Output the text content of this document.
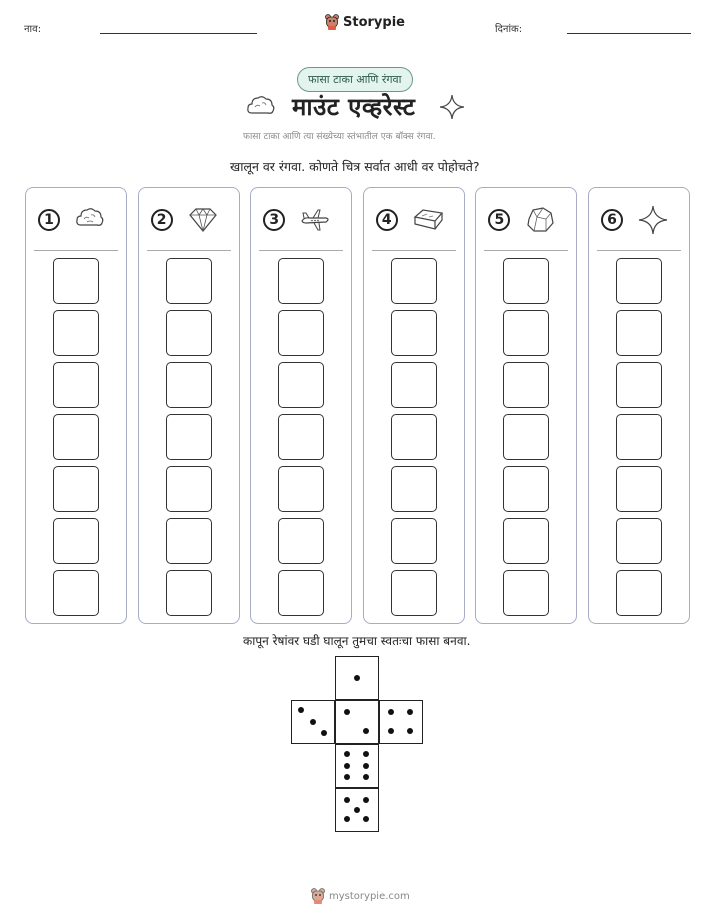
नाव:	Storypie	दिनांक:
फासा टाका आणि रंगवा
माउंट एव्हरेस्ट
फासा टाका आणि त्या संख्येच्या स्तंभातील एक बॉक्स रंगवा.
खालून वर रंगवा. कोणते चित्र सर्वात आधी वर पोहोचते?
1	2	3	4	5	6
कापून रेषांवर घडी घालून तुमचा स्वतःचा फासा बनवा.
mystorypie.com
